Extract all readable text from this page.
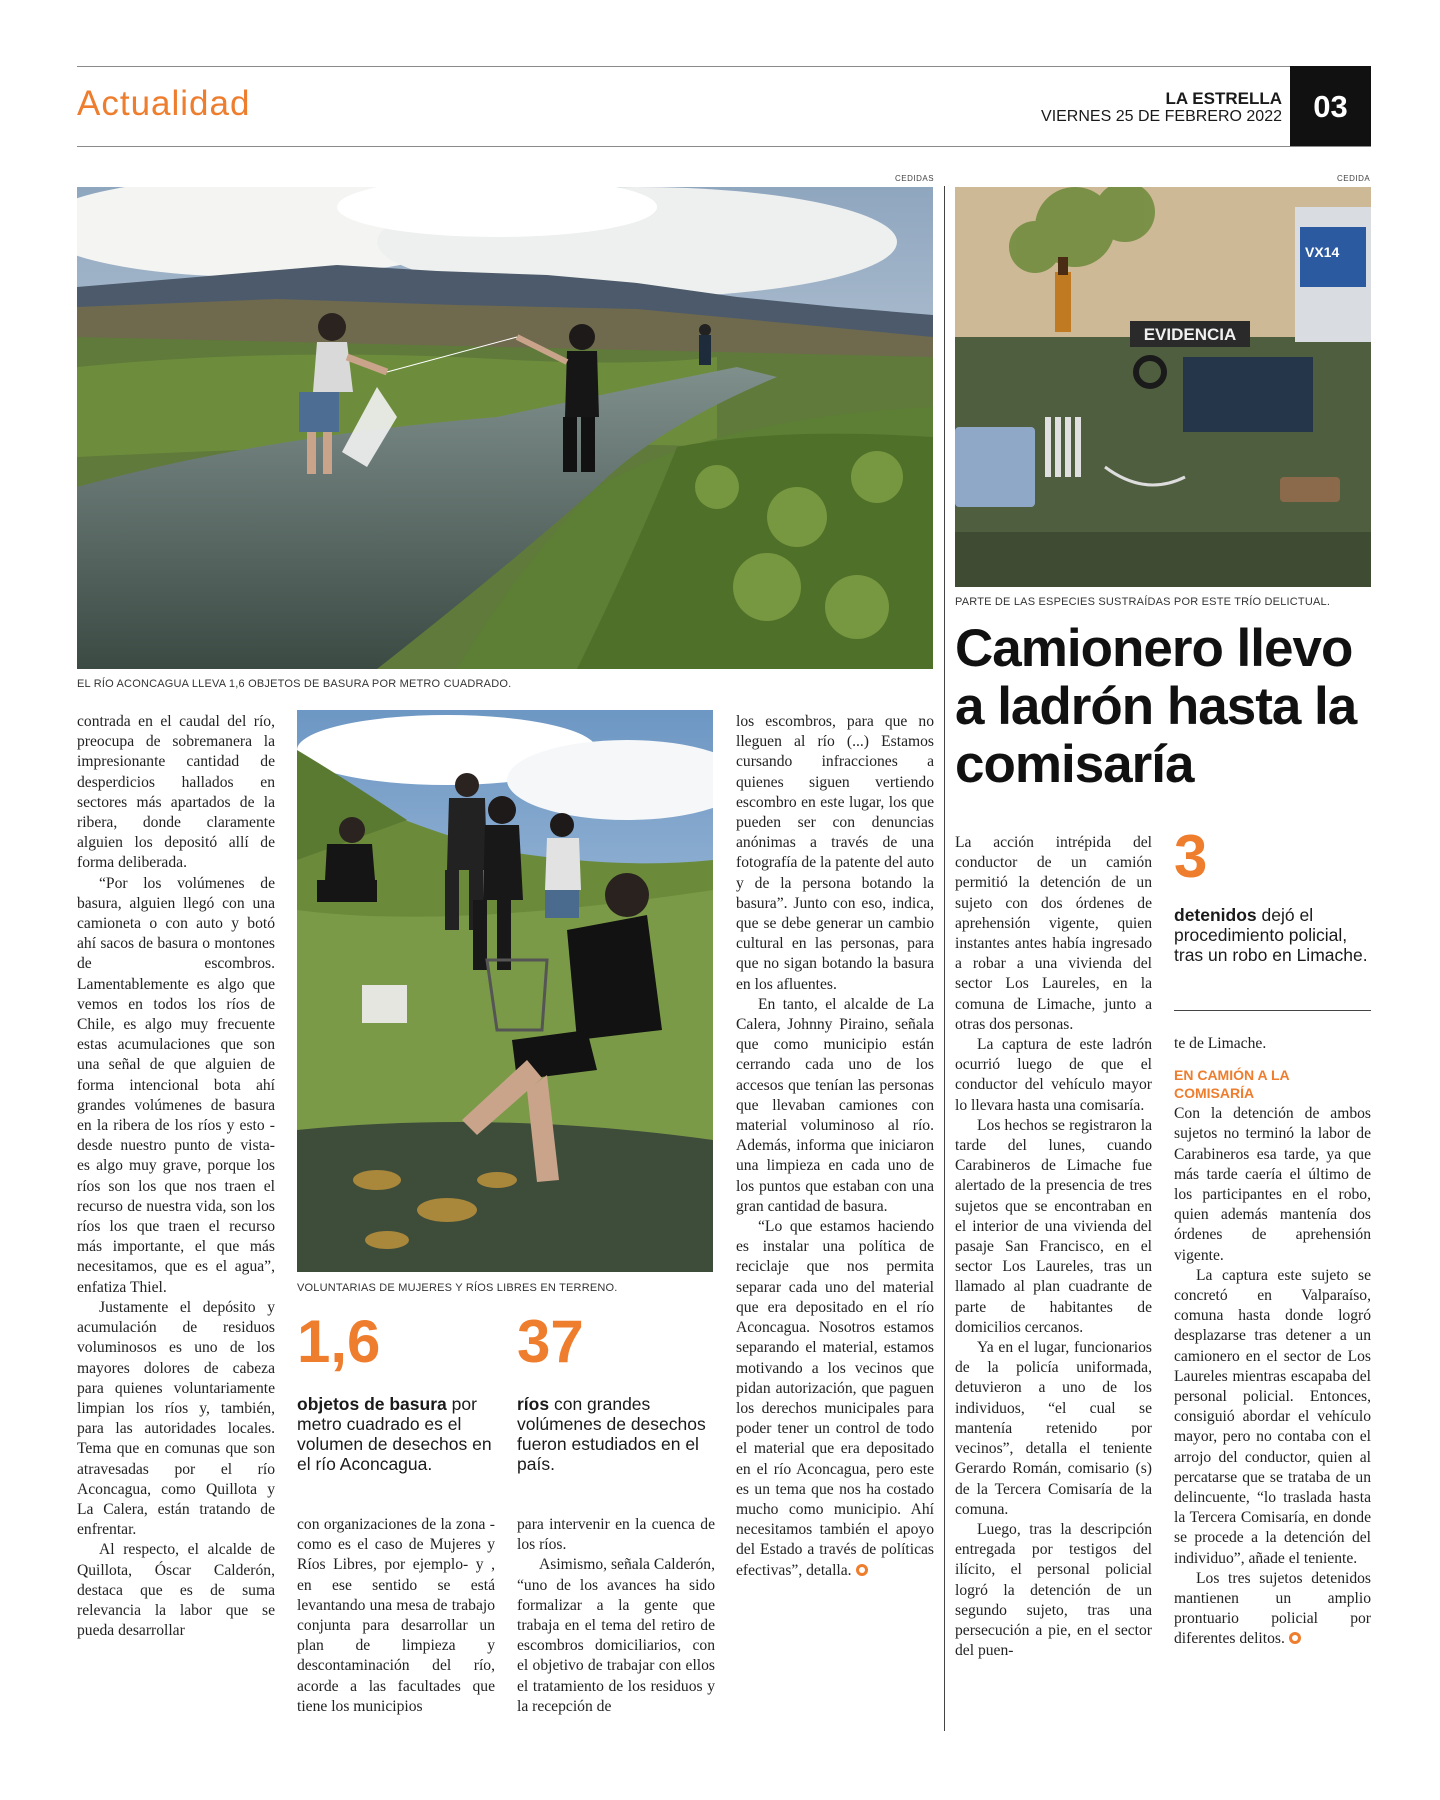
Actualidad	LA ESTRELLA
VIERNES 25 DE FEBRERO 2022	03
CEDIDAS
EL RÍO ACONCAGUA LLEVA 1,6 OBJETOS DE BASURA POR METRO CUADRADO.
VOLUNTARIAS DE MUJERES Y RÍOS LIBRES EN TERRENO.
1,6
objetos de basura por metro cuadrado es el volumen de desechos en el río Aconcagua.
37
ríos con grandes volúmenes de desechos fueron estudiados en el país.

contrada en el caudal del río, preocupa de sobremanera la impresionante cantidad de desperdicios hallados en sectores más apartados de la ribera, donde claramente alguien los depositó allí de forma deliberada.

“Por los volúmenes de basura, alguien llegó con una camioneta o con auto y botó ahí sacos de basura o montones de escombros. Lamentablemente es algo que vemos en todos los ríos de Chile, es algo muy frecuente estas acumulaciones que son una señal de que alguien de forma intencional bota ahí grandes volúmenes de basura en la ribera de los ríos y esto -desde nuestro punto de vista- es algo muy grave, porque los ríos son los que nos traen el recurso de nuestra vida, son los ríos los que traen el recurso más importante, el que más necesitamos, que es el agua”, enfatiza Thiel.

Justamente el depósito y acumulación de residuos voluminosos es uno de los mayores dolores de cabeza para quienes voluntariamente limpian los ríos y, también, para las autoridades locales. Tema que en comunas que son atravesadas por el río Aconcagua, como Quillota y La Calera, están tratando de enfrentar.

Al respecto, el alcalde de Quillota, Óscar Calderón, destaca que es de suma relevancia la labor que se pueda desarrollar

con organizaciones de la zona -como es el caso de Mujeres y Ríos Libres, por ejemplo- y , en ese sentido se está levantando una mesa de trabajo conjunta para desarrollar un plan de limpieza y descontaminación del río, acorde a las facultades que tiene los municipios

para intervenir en la cuenca de los ríos.

Asimismo, señala Calderón, “uno de los avances ha sido formalizar a la gente que trabaja en el tema del retiro de escombros domiciliarios, con el objetivo de trabajar con ellos el tratamiento de los residuos y la recepción de

los escombros, para que no lleguen al río (...) Estamos cursando infracciones a quienes siguen vertiendo escombro en este lugar, los que pueden ser con denuncias anónimas a través de una fotografía de la patente del auto y de la persona botando la basura”. Junto con eso, indica, que se debe generar un cambio cultural en las personas, para que no sigan botando la basura en los afluentes.

En tanto, el alcalde de La Calera, Johnny Piraino, señala que como municipio están cerrando cada uno de los accesos que tenían las personas que llevaban camiones con material voluminoso al río. Además, informa que iniciaron una limpieza en cada uno de los puntos que estaban con una gran cantidad de basura.

“Lo que estamos haciendo es instalar una política de reciclaje que nos permita separar cada uno del material que era depositado en el río Aconcagua. Nosotros estamos separando el material, estamos motivando a los vecinos que pidan autorización, que paguen los derechos municipales para poder tener un control de todo el material que era depositado en el río Aconcagua, pero este es un tema que nos ha costado mucho como municipio. Ahí necesitamos también el apoyo del Estado a través de políticas efectivas”, detalla.

CEDIDA
EVIDENCIA
VX14
PARTE DE LAS ESPECIES SUSTRAÍDAS POR ESTE TRÍO DELICTUAL.
Camionero llevo a ladrón hasta la comisaría
3
detenidos dejó el procedimiento policial, tras un robo en Limache.

La acción intrépida del conductor de un camión permitió la detención de un sujeto con dos órdenes de aprehensión vigente, quien instantes antes había ingresado a robar a una vivienda del sector Los Laureles, en la comuna de Limache, junto a otras dos personas.

La captura de este ladrón ocurrió luego de que el conductor del vehículo mayor lo llevara hasta una comisaría.

Los hechos se registraron la tarde del lunes, cuando Carabineros de Limache fue alertado de la presencia de tres sujetos que se encontraban en el interior de una vivienda del pasaje San Francisco, en el sector Los Laureles, tras un llamado al plan cuadrante de parte de habitantes de domicilios cercanos.

Ya en el lugar, funcionarios de la policía uniformada, detuvieron a uno de los individuos, “el cual se mantenía retenido por vecinos”, detalla el teniente Gerardo Román, comisario (s) de la Tercera Comisaría de la comuna.

Luego, tras la descripción entregada por testigos del ilícito, el personal policial logró la detención de un segundo sujeto, tras una persecución a pie, en el sector del puen-

te de Limache.

EN CAMIÓN A LA COMISARÍA

Con la detención de ambos sujetos no terminó la labor de Carabineros esa tarde, ya que más tarde caería el último de los participantes en el robo, quien además mantenía dos órdenes de aprehensión vigente.

La captura este sujeto se concretó en Valparaíso, comuna hasta donde logró desplazarse tras detener a un camionero en el sector de Los Laureles mientras escapaba del personal policial. Entonces, consiguió abordar el vehículo mayor, pero no contaba con el arrojo del conductor, quien al percatarse que se trataba de un delincuente, “lo traslada hasta la Tercera Comisaría, en donde se procede a la detención del individuo”, añade el teniente.

Los tres sujetos detenidos mantienen un amplio prontuario policial por diferentes delitos.
